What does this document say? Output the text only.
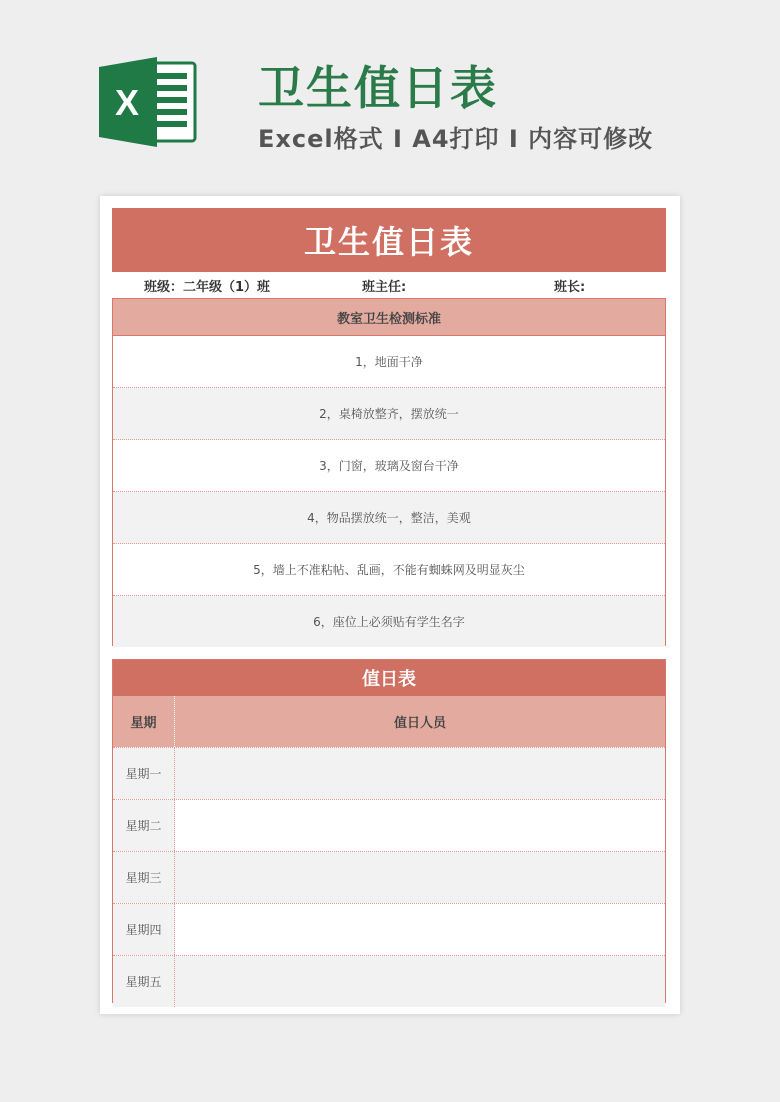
X	卫生值日表

Excel格式 I A4打印 I 内容可修改

卫生值日表
班级：二年级（1）班	班主任:	班长:
教室卫生检测标准
1，地面干净
2，桌椅放整齐，摆放统一
3，门窗，玻璃及窗台干净
4，物品摆放统一，整洁，美观
5，墙上不准粘帖、乱画，不能有蜘蛛网及明显灰尘
6，座位上必须贴有学生名字
值日表
星期	值日人员
星期一
星期二
星期三
星期四
星期五
